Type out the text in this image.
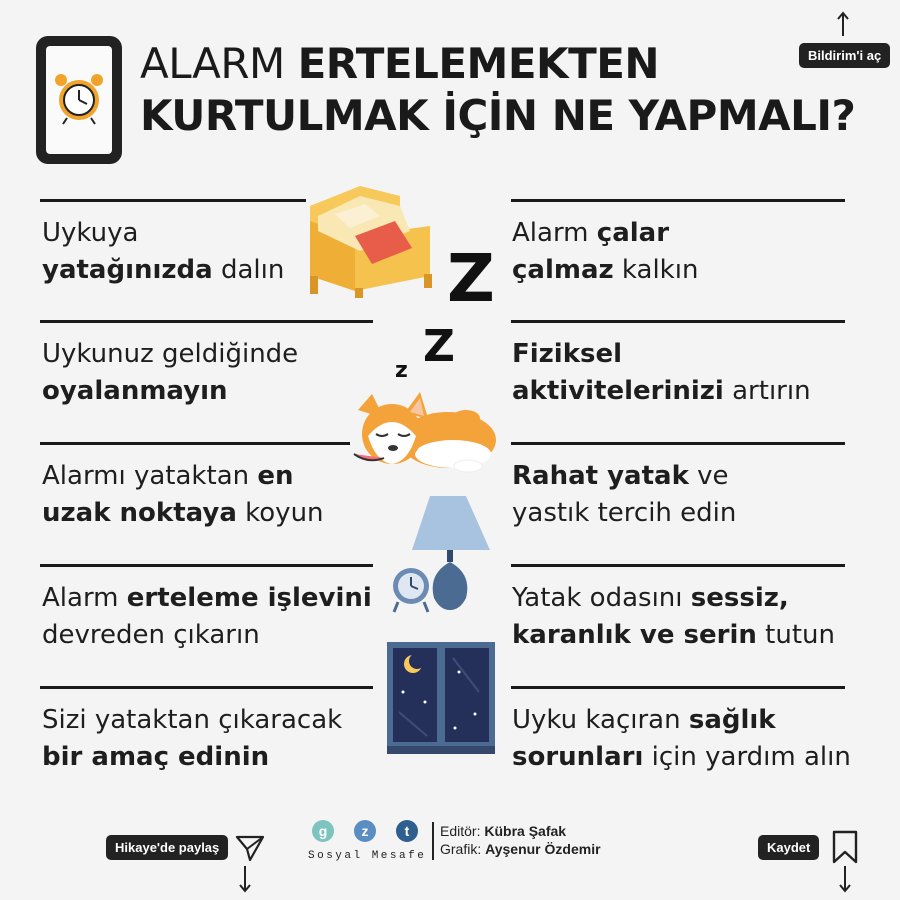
ALARM ERTELEMEKTEN
KURTULMAK İÇİN NE YAPMALI?
Bildirim'i aç
Uykuya
yatağınızda dalın
Uykunuz geldiğinde
oyalanmayın
Alarmı yataktan en
uzak noktaya koyun
Alarm erteleme işlevini
devreden çıkarın
Sizi yataktan çıkaracak
bir amaç edinin
Alarm çalar
çalmaz kalkın
Fiziksel
aktivitelerinizi artırın
Rahat yatak ve
yastık tercih edin
Yatak odasını sessiz,
karanlık ve serin tutun
Uyku kaçıran sağlık
sorunları için yardım alın
Z
Z
z
Hikaye'de paylaş
g	z	t
Sosyal Mesafe
Editör: Kübra Şafak
Grafik: Ayşenur Özdemir	Kaydet
